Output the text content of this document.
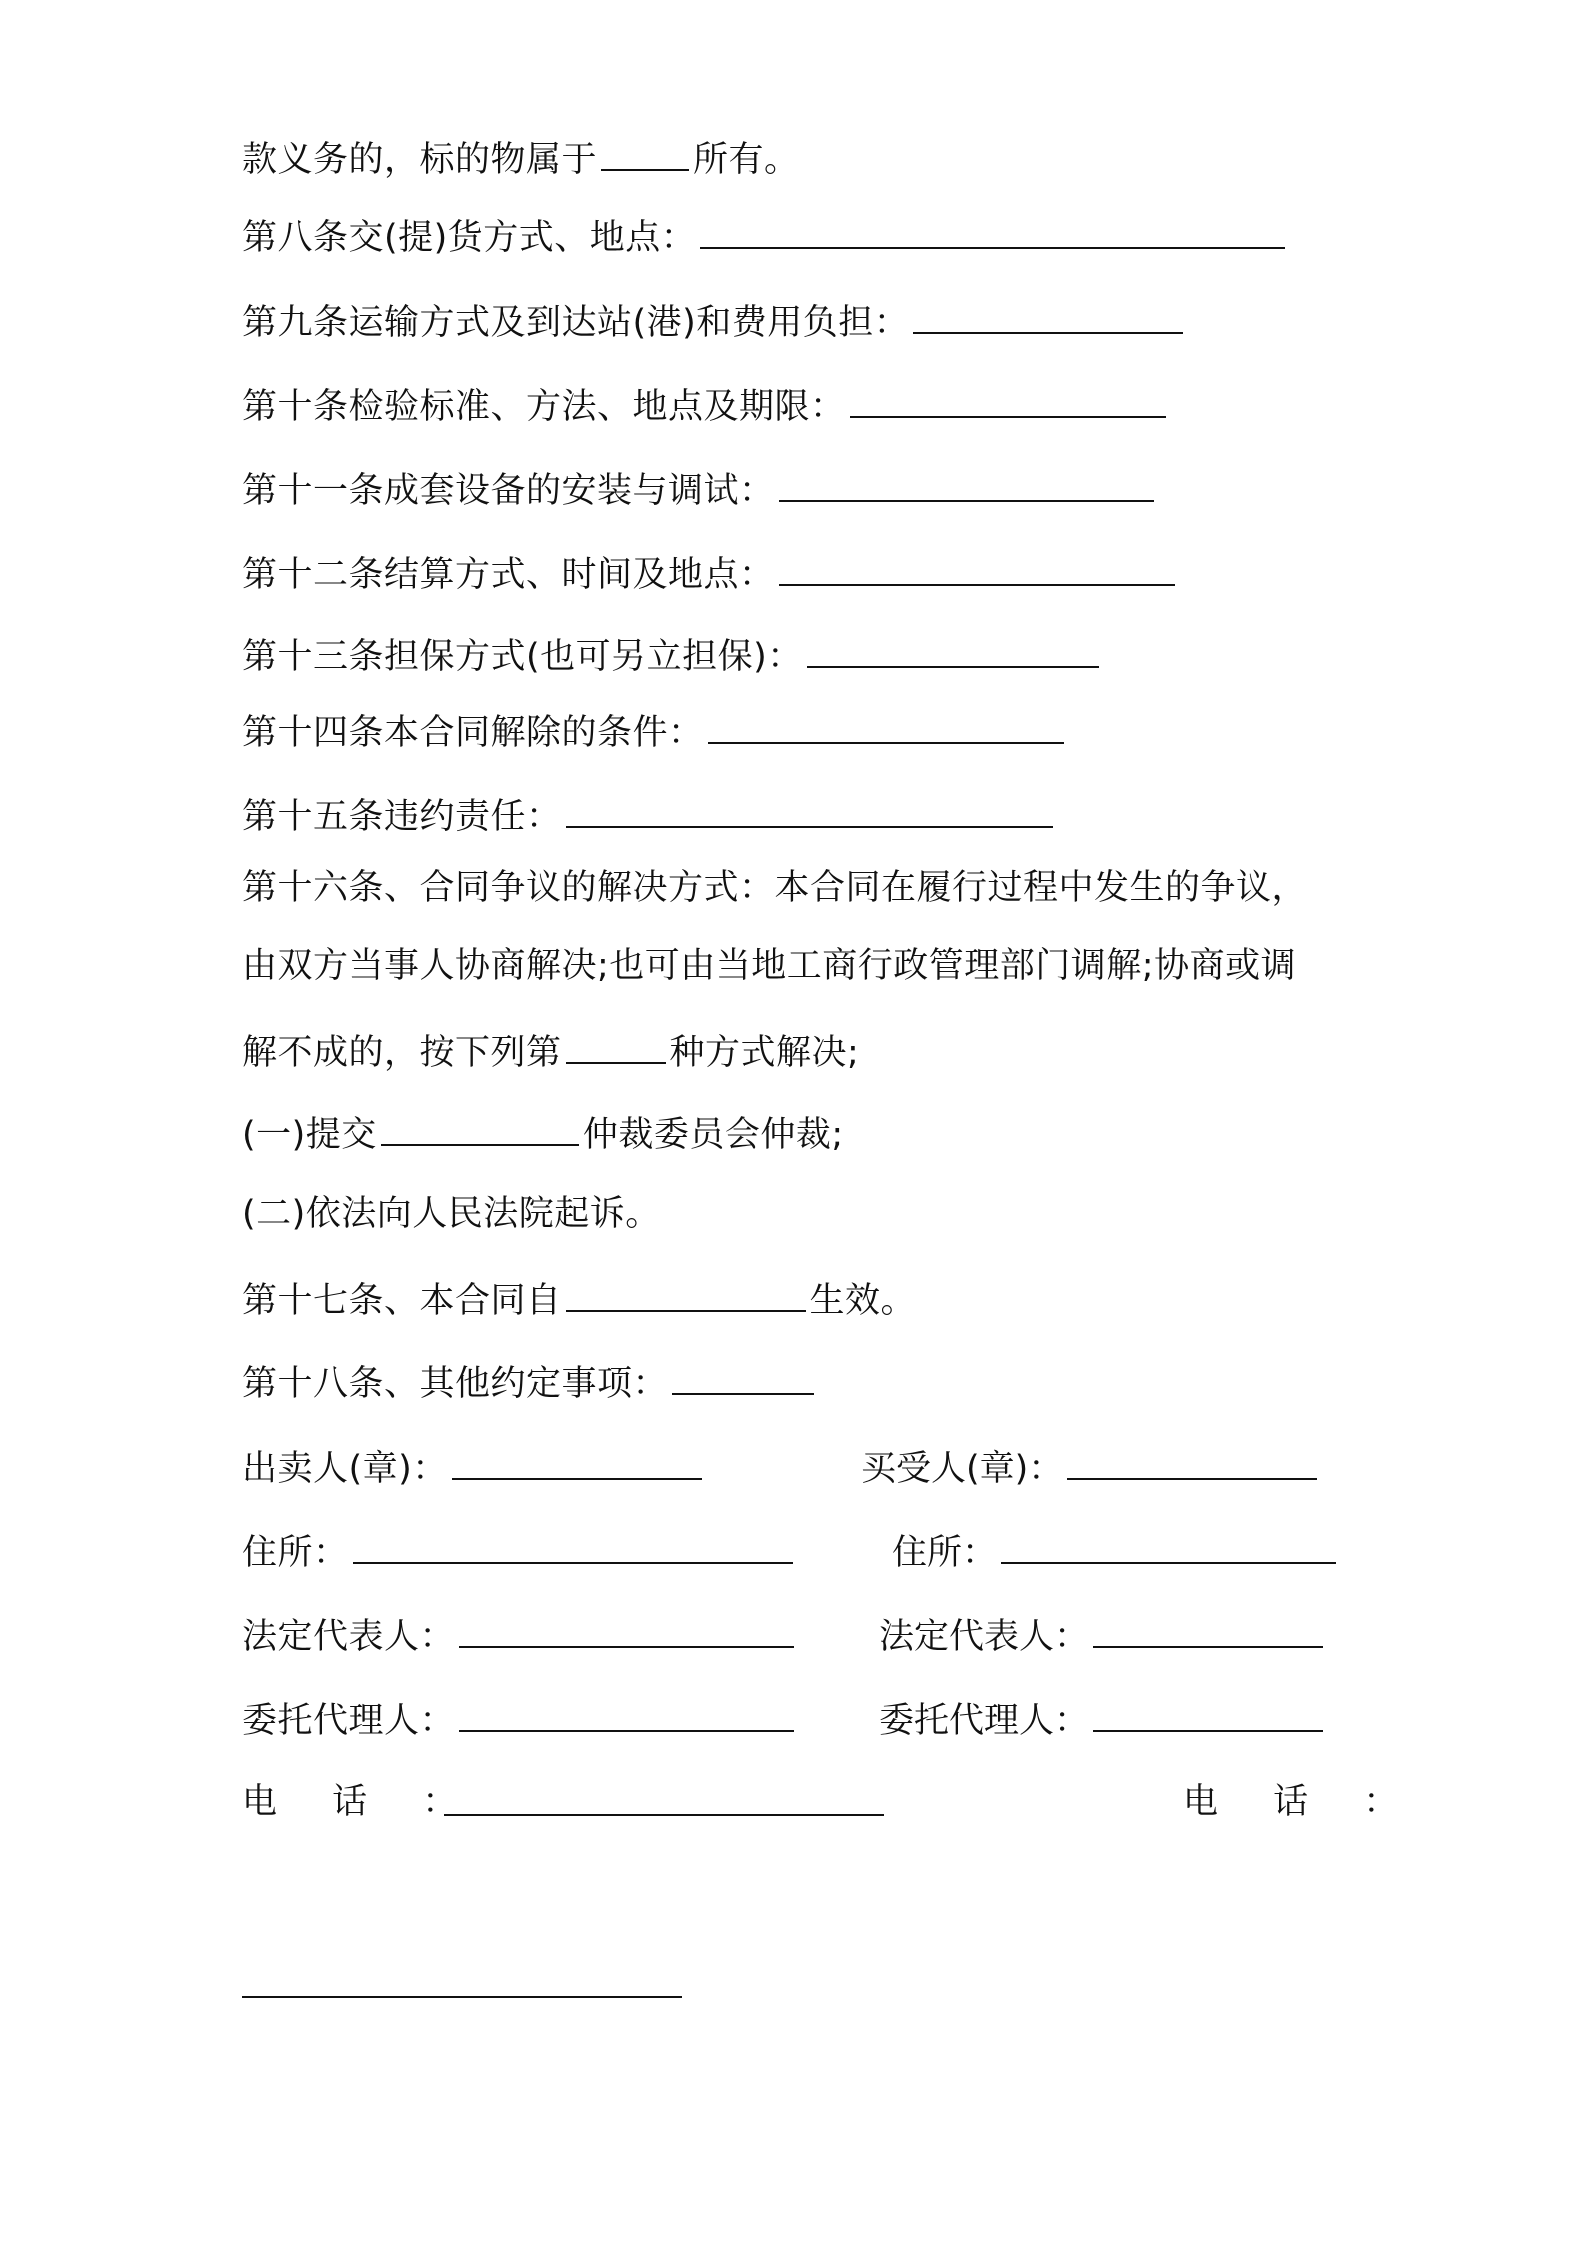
款义务的，标的物属于	所有。
第八条交(提)货方式、地点：
第九条运输方式及到达站(港)和费用负担：
第十条检验标准、方法、地点及期限：
第十一条成套设备的安装与调试：
第十二条结算方式、时间及地点：
第十三条担保方式(也可另立担保)：
第十四条本合同解除的条件：
第十五条违约责任：
第十六条、合同争议的解决方式：本合同在履行过程中发生的争议，
由双方当事人协商解决;也可由当地工商行政管理部门调解;协商或调
解不成的，按下列第	种方式解决;
(一)提交	仲裁委员会仲裁;
(二)依法向人民法院起诉。
第十七条、本合同自	生效。
第十八条、其他约定事项：
出卖人(章)：	买受人(章)：
住所：	住所：
法定代表人：	法定代表人：
委托代理人：	委托代理人：
电 话 ：	电 话 ：
